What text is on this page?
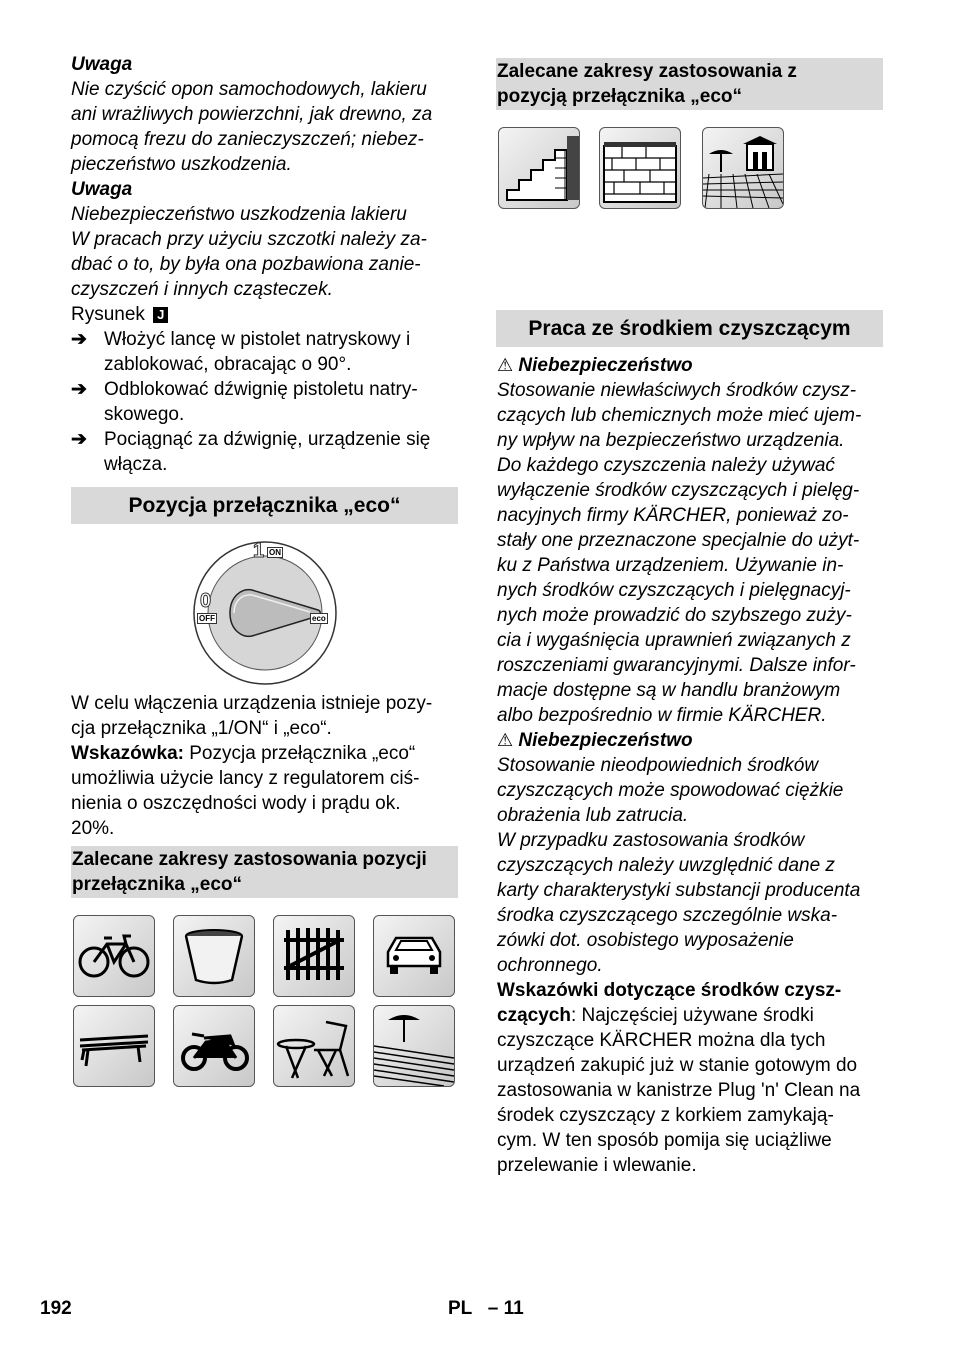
Uwaga
Nie czyścić opon samochodowych, lakieru
ani wrażliwych powierzchni, jak drewno, za
pomocą frezu do zanieczyszczeń; niebez-
pieczeństwo uszkodzenia.
Uwaga
Niebezpieczeństwo uszkodzenia lakieru
W pracach przy użyciu szczotki należy za-
dbać o to, by była ona pozbawiona zanie-
czyszczeń i innych cząsteczek.
Rysunek J
➔ Włożyć lancę w pistolet natryskowy i
zablokować, obracając o 90°.
➔ Odblokować dźwignię pistoletu natry-
skowego.
➔ Pociągnąć za dźwignię, urządzenie się
włącza.
Pozycja przełącznika „eco“
1 ON
0
OFF	eco
W celu włączenia urządzenia istnieje pozy-
cja przełącznika „1/ON“ i „eco“.
Wskazówka: Pozycja przełącznika „eco“
umożliwia użycie lancy z regulatorem ciś-
nienia o oszczędności wody i prądu ok.
20%.
Zalecane zakresy zastosowania pozycji
przełącznika „eco“
Zalecane zakresy zastosowania z
pozycją przełącznika „eco“
Praca ze środkiem czyszczącym
⚠ Niebezpieczeństwo
Stosowanie niewłaściwych środków czysz-
czących lub chemicznych może mieć ujem-
ny wpływ na bezpieczeństwo urządzenia.
Do każdego czyszczenia należy używać
wyłączenie środków czyszczących i pielęg-
nacyjnych firmy KÄRCHER, ponieważ zo-
stały one przeznaczone specjalnie do użyt-
ku z Państwa urządzeniem. Używanie in-
nych środków czyszczących i pielęgnacyj-
nych może prowadzić do szybszego zuży-
cia i wygaśnięcia uprawnień związanych z
roszczeniami gwarancyjnymi. Dalsze infor-
macje dostępne są w handlu branżowym
albo bezpośrednio w firmie KÄRCHER.
⚠ Niebezpieczeństwo
Stosowanie nieodpowiednich środków
czyszczących może spowodować ciężkie
obrażenia lub zatrucia.
W przypadku zastosowania środków
czyszczących należy uwzględnić dane z
karty charakterystyki substancji producenta
środka czyszczącego szczególnie wska-
zówki dot. osobistego wyposażenie
ochronnego.
Wskazówki dotyczące środków czysz-
czących: Najczęściej używane środki
czyszczące KÄRCHER można dla tych
urządzeń zakupić już w stanie gotowym do
zastosowania w kanistrze Plug 'n' Clean na
środek czyszczący z korkiem zamykają-
cym. W ten sposób pomija się uciążliwe
przelewanie i wlewanie.
192	PL   – 11
